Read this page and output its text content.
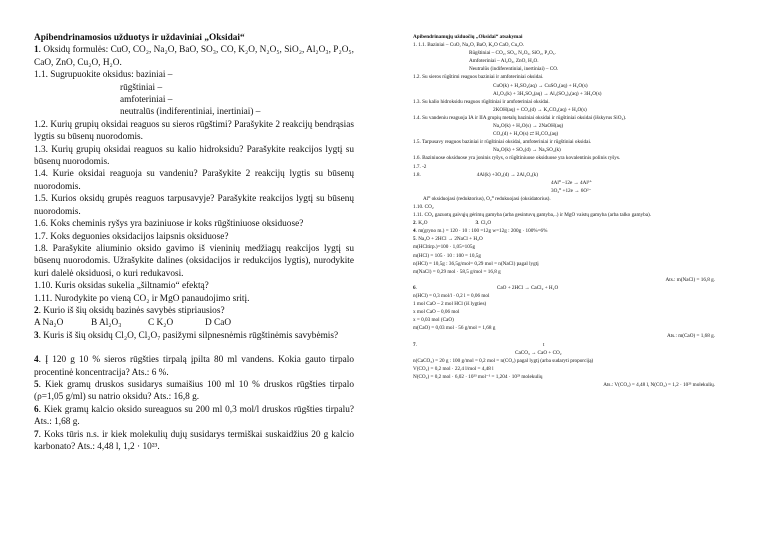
Apibendrinamosios užduotys ir uždaviniai „Oksidai“

1. Oksidų formulės: CuO, CO₂, Na₂O, BaO, SO₃, CO, K₂O, N₂O₅, SiO₂, Al₂O₃, P₂O₅, CaO, ZnO, Cu₂O, H₂O.

1.1. Sugrupuokite oksidus: baziniai –

rūgštiniai –

amfoteriniai –

neutralūs (indiferentiniai, inertiniai) –

1.2. Kurių grupių oksidai reaguos su sieros rūgštimi? Parašykite 2 reakcijų bendrąsias lygtis su būsenų nuorodomis.

1.3. Kurių grupių oksidai reaguos su kalio hidroksidu? Parašykite reakcijos lygtį su būsenų nuorodomis.

1.4. Kurie oksidai reaguoja su vandeniu? Parašykite 2 reakcijų lygtis su būsenų nuorodomis.

1.5. Kurios oksidų grupės reaguos tarpusavyje? Parašykite reakcijos lygtį su būsenų nuorodomis.

1.6. Koks cheminis ryšys yra baziniuose ir koks rūgštiniuose oksiduose?

1.7. Koks deguonies oksidacijos laipsnis oksiduose?

1.8. Parašykite aliuminio oksido gavimo iš vieninių medžiagų reakcijos lygtį su būsenų nuorodomis. Užrašykite dalines (oksidacijos ir redukcijos lygtis), nurodykite kuri dalelė oksiduosi, o kuri redukavosi.

1.10. Kuris oksidas sukelia „šiltnamio“ efektą?

1.11. Nurodykite po vieną CO₂ ir MgO panaudojimo sritį.

2. Kurio iš šių oksidų bazinės savybės stipriausios?

A Na₂O	B Al₂O₃	C K₂O	D CaO

3. Kuris iš šių oksidų Cl₂O, Cl₂O₇ pasižymi silpnesnėmis rūgštinėmis savybėmis?

4. Į 120 g 10 % sieros rūgšties tirpalą įpilta 80 ml vandens. Kokia gauto tirpalo procentinė koncentracija? Ats.: 6 %.

5. Kiek gramų druskos susidarys sumaišius 100 ml 10 % druskos rūgšties tirpalo (ρ=1,05 g/ml) su natrio oksidu? Ats.: 16,8 g.

6. Kiek gramų kalcio oksido sureaguos su 200 ml 0,3 mol/l druskos rūgšties tirpalu? Ats.: 1,68 g.

7. Koks tūris n.s. ir kiek molekulių dujų susidarys termiškai suskaidžius 20 g kalcio karbonato? Ats.: 4,48 l, 1,2 · 10²³.

Apibendrinamųjų užduočių „Oksidai“ atsakymai

1. 1.1. Baziniai – CuO, Na₂O, BaO, K₂O CaO, Cu₂O.

Rūgštiniai – CO₂, SO₃, N₂O₅, SiO₂, P₂O₅.

Amfoteriniai – Al₂O₃, ZnO, H₂O.

Neutralūs (indiferentiniai, inertiniai) – CO.

1.2. Su sieros rūgštimi reaguos baziniai ir amfoteriniai oksidai.

CuO(k) + H₂SO₄(aq) → CuSO₄(aq) + H₂O(s)

Al₂O₃(k) + 3H₂SO₄(aq) → Al₂(SO₄)₃(aq) + 3H₂O(s)

1.3. Su kalio hidroksidu reaguos rūgštiniai ir amfoteriniai oksidai.

2KOH(aq) + CO₂(d) → K₂CO₃(aq) + H₂O(s)

1.4. Su vandeniu reaguoja IA ir IIA grupių metalų baziniai oksidai ir rūgštiniai oksidai (išskyrus SiO₂).

Na₂O(k) + H₂O(s) → 2NaOH(aq)

CO₂(d) + H₂O(s) ⇄ H₂CO₃(aq)

1.5. Tarpusavy reaguos baziniai ir rūgštiniai oksidai, amfoteriniai ir rūgštiniai oksidai.

Na₂O(k) + SO₃(d) → Na₂SO₄(k)

1.6. Baziniuose oksiduose yra joninis ryšys, o rūgštiniuose oksiduose yra kovalentinis polinis ryšys.

1.7. -2

1.8.	4Al(k) +3O₂(d) → 2Al₂O₃(k)

4Al⁰ –12e → 4Al³⁺

3O₂⁰ +12e → 6O²⁻

Al⁰ oksiduojasi (reduktorius), O₂⁰ redukuojasi (oksidatorius).

1.10. CO₂

1.11. CO₂ gazuotų gaivųjų gėrimų gamyba (arba gesintuvų gamyba,..) ir MgO vaistų gamyba (arba talko gamyba).

2. K₂O	3. Cl₂O

4. m(gryno m.) = 120 · 10 : 100 =12g w=12g : 200g · 100%=6%

5. Na₂O + 2HCl → 2NaCl + H₂O

m(HCltirp.)=100 · 1,05=105g

m(HCl) = 105 · 10 : 100 = 10,5g

n(HCl) = 10,5g : 36,5g/mol= 0,29 mol = n(NaCl) pagal lygtį

m(NaCl) = 0,29 mol · 58,5 g/mol = 16,8 g

Ats.: m(NaCl) = 16,8 g.

6.	CaO + 2HCl → CaCl₂ + H₂O

n(HCl) = 0,3 mol/l · 0,2 l = 0,06 mol

1 mol CaO – 2 mol HCl (iš lygties)

x mol CaO – 0,06 mol

x = 0,03 mol (CaO)

m(CaO) = 0,03 mol · 56 g/mol = 1,68 g

Ats.: m(CaO) = 1,68 g.

7.	t

CaCO₃ → CaO + CO₂

n(CaCO₃) = 20 g : 100 g/mol = 0,2 mol = n(CO₂) pagal lygtį (arba sudaryti proporciją)

V(CO₂) = 0,2 mol · 22,4 l/mol = 4,48 l

N(CO₂) = 0,2 mol · 6,02 · 10²³ mol⁻¹ = 1,204 · 10²³ molekulių

Ats.: V(CO₂) = 4,48 l, N(CO₂) = 1,2 · 10²³ molekulių.
